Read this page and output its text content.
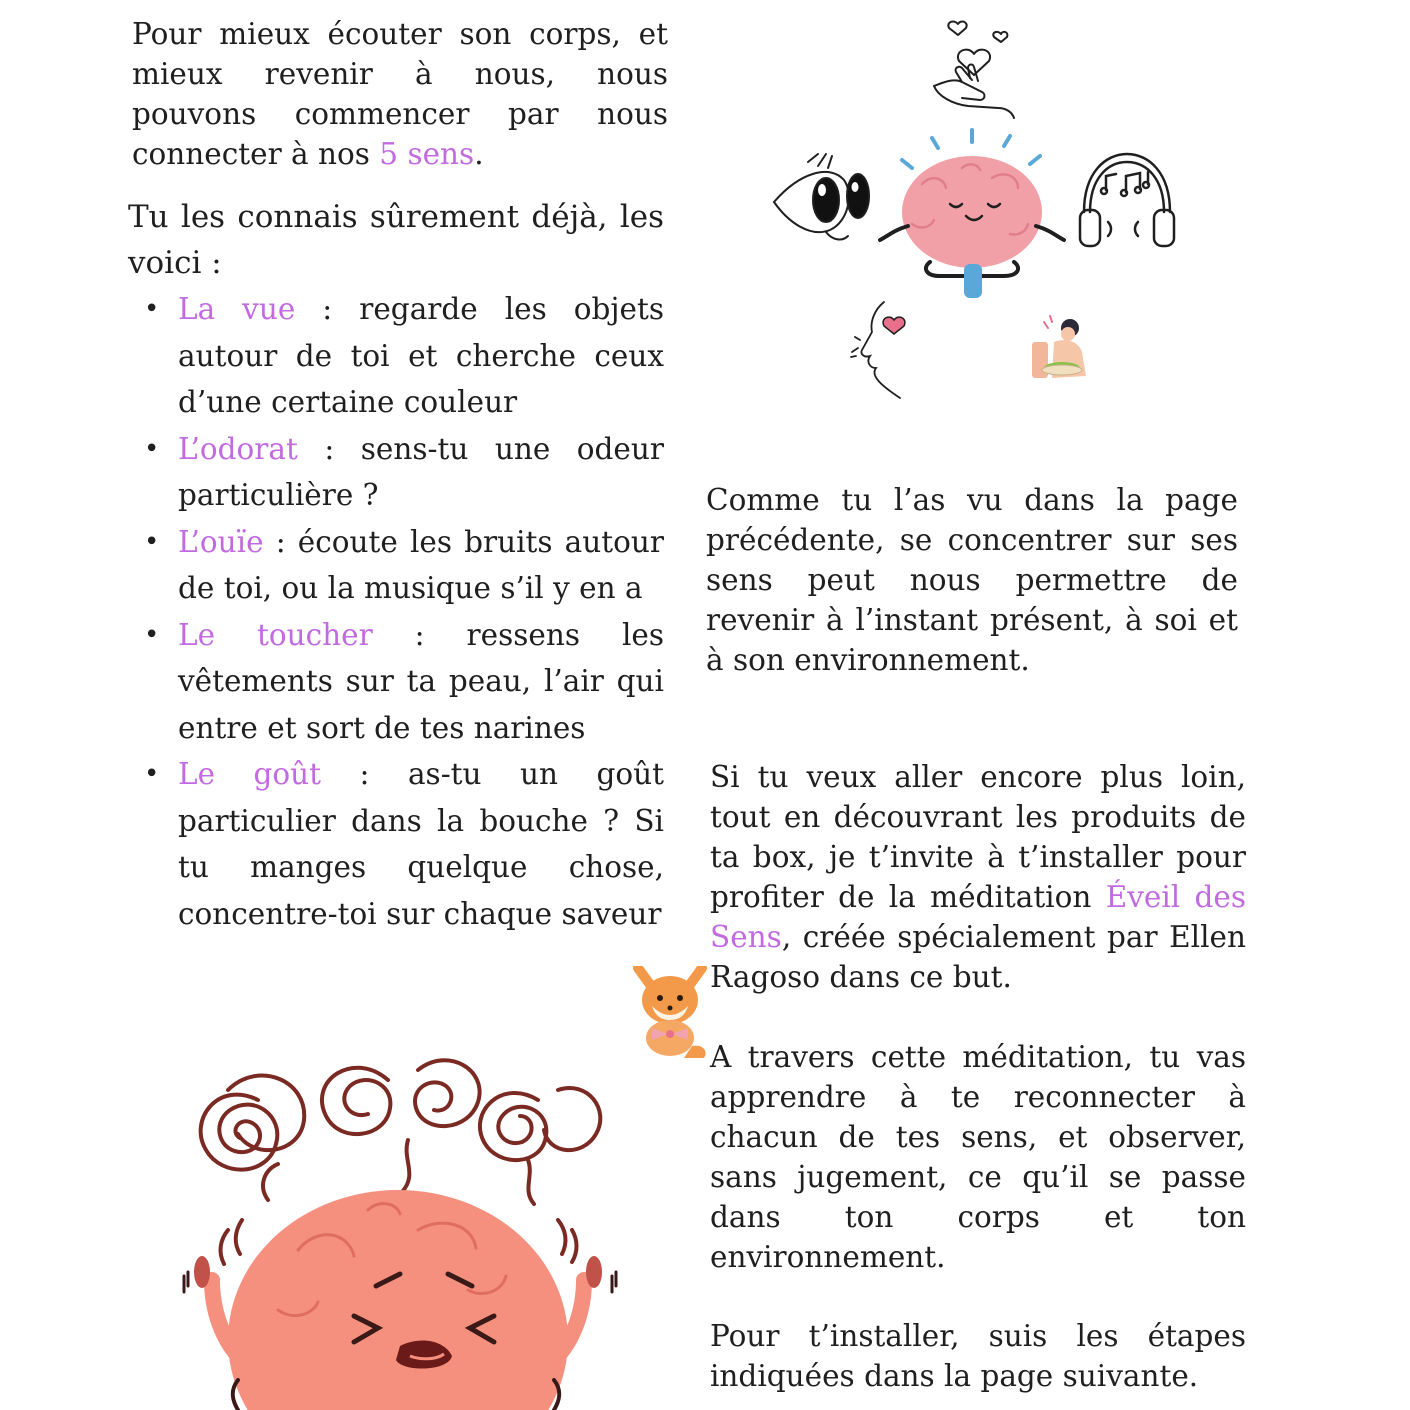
Pour mieux écouter son corps, et mieux revenir à nous, nous pouvons commencer par nous connecter à nos 5 sens.

Tu les connais sûrement déjà, les voici :

• La vue : regarde les objets autour de toi et cherche ceux d’une certaine couleur
• L’odorat : sens-tu une odeur particulière ?
• L’ouïe : écoute les bruits autour de toi, ou la musique s’il y en a
• Le toucher : ressens les vêtements sur ta peau, l’air qui entre et sort de tes narines
• Le goût : as-tu un goût particulier dans la bouche ? Si tu manges quelque chose, concentre-toi sur chaque saveur

Comme tu l’as vu dans la page précédente, se concentrer sur ses sens peut nous permettre de revenir à l’instant présent, à soi et à son environnement.

Si tu veux aller encore plus loin, tout en découvrant les produits de ta box, je t’invite à t’installer pour profiter de la méditation Éveil des Sens, créée spécialement par Ellen Ragoso dans ce but.

A travers cette méditation, tu vas apprendre à te reconnecter à chacun de tes sens, et observer, sans jugement, ce qu’il se passe dans ton corps et ton environnement.

Pour t’installer, suis les étapes indiquées dans la page suivante.
